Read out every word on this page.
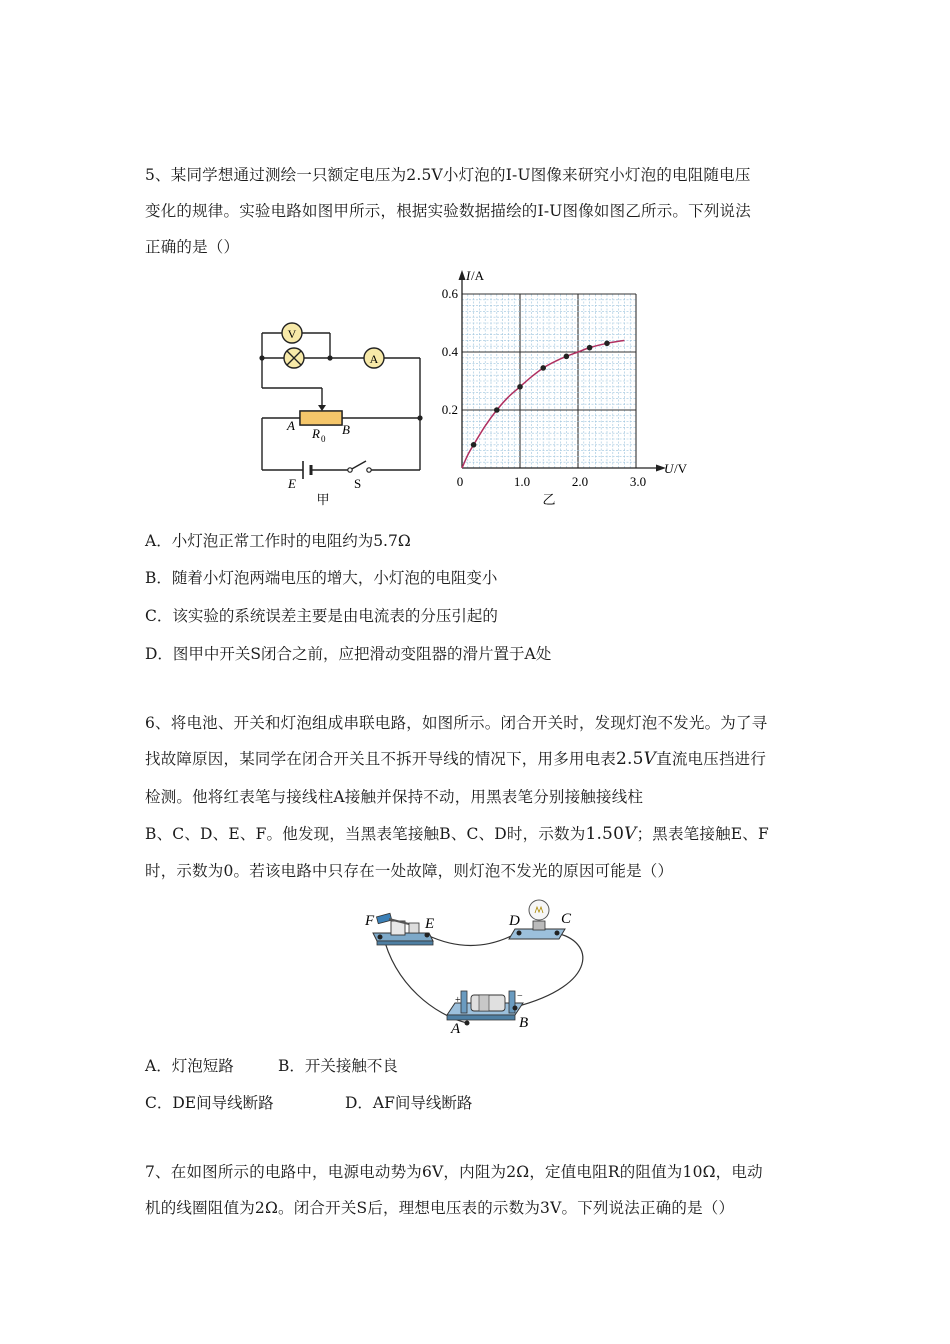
5、某同学想通过测绘一只额定电压为2.5V小灯泡的I-U图像来研究小灯泡的电阻随电压
变化的规律。实验电路如图甲所示，根据实验数据描绘的I-U图像如图乙所示。下列说法
正确的是（）
V
A
A	B
R 0
E	S
甲
I /A
U /V
0	1.0	2.0	3.0
0.2
0.4
0.6
乙
A．小灯泡正常工作时的电阻约为5.7Ω
B．随着小灯泡两端电压的增大，小灯泡的电阻变小
C．该实验的系统误差主要是由电流表的分压引起的
D．图甲中开关S闭合之前，应把滑动变阻器的滑片置于A处
6、将电池、开关和灯泡组成串联电路，如图所示。闭合开关时，发现灯泡不发光。为了寻
找故障原因，某同学在闭合开关且不拆开导线的情况下，用多用电表2.5V直流电压挡进行
检测。他将红表笔与接线柱A接触并保持不动，用黑表笔分别接触接线柱
B、C、D、E、F。他发现，当黑表笔接触B、C、D时，示数为1.50V；黑表笔接触E、F
时，示数为0。若该电路中只存在一处故障，则灯泡不发光的原因可能是（）
F	E	D	C
A	B
+	−
A．灯泡短路	B．开关接触不良
C．DE间导线断路	D．AF间导线断路
7、在如图所示的电路中，电源电动势为6V，内阻为2Ω，定值电阻R的阻值为10Ω，电动
机的线圈阻值为2Ω。闭合开关S后，理想电压表的示数为3V。下列说法正确的是（）
